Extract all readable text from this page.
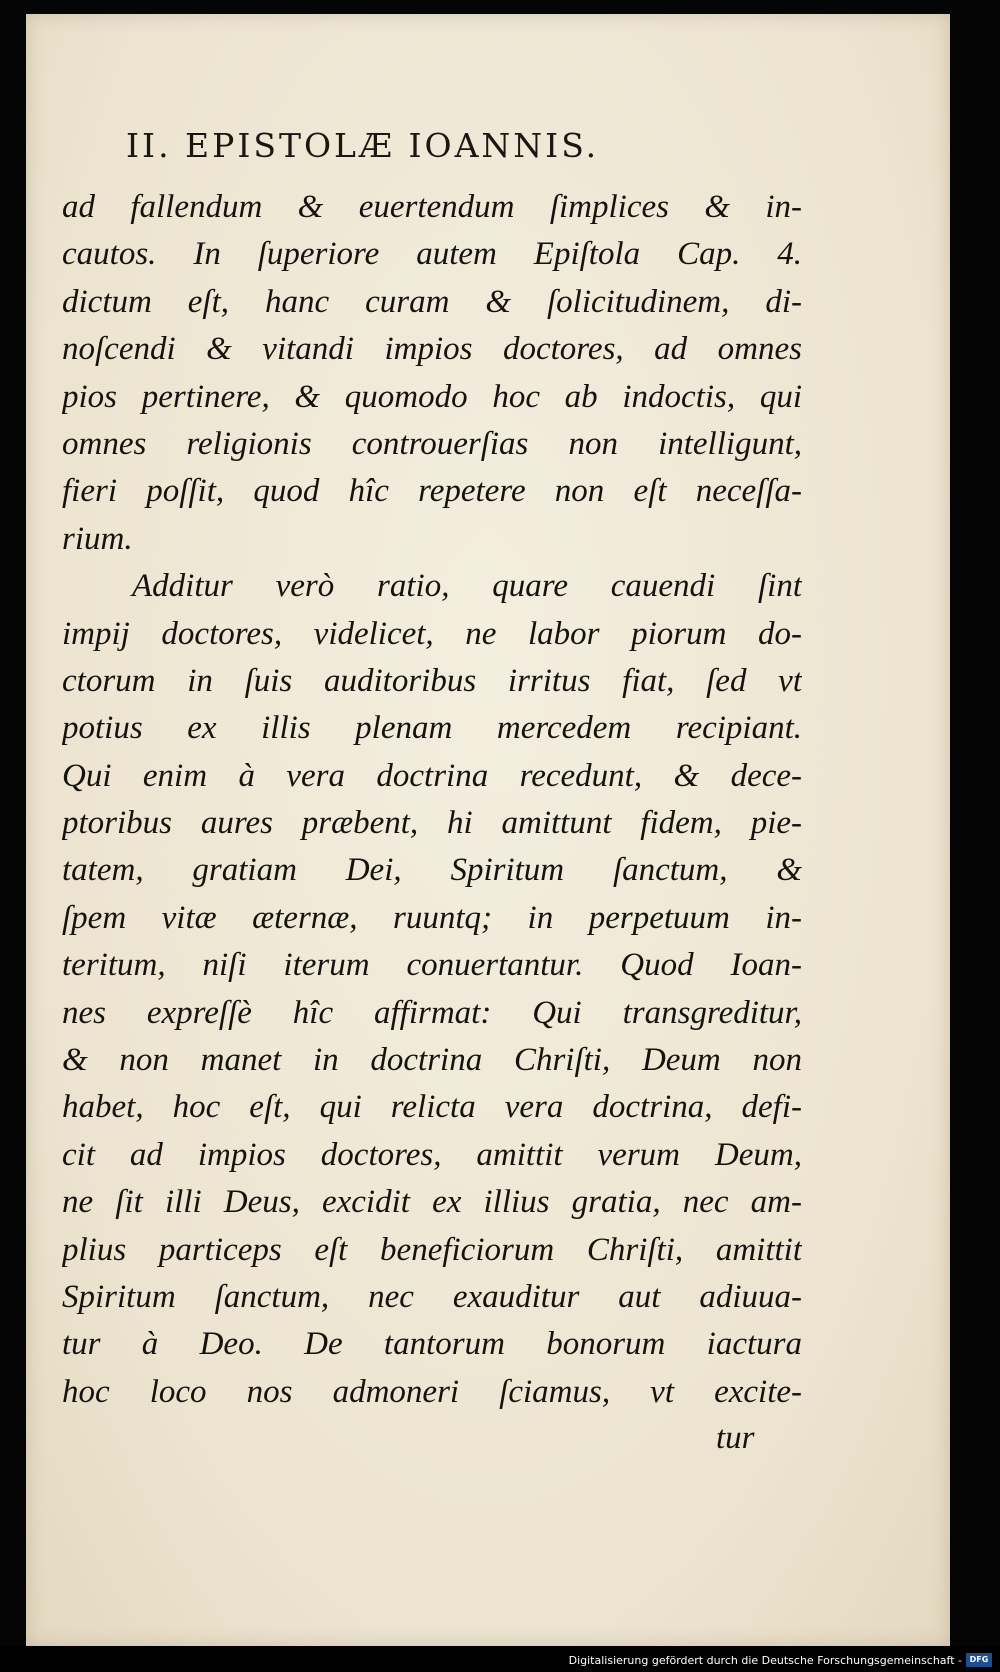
II. EPISTOLÆ IOANNIS.
ad fallendum & euertendum ſimplices & in-
cautos. In ſuperiore autem Epiſtola Cap. 4.
dictum eſt, hanc curam & ſolicitudinem, di-
noſcendi & vitandi impios doctores, ad omnes
pios pertinere, & quomodo hoc ab indoctis, qui
omnes religionis controuerſias non intelligunt,
fieri poſſit, quod hîc repetere non eſt neceſſa-
rium.
Additur verò ratio, quare cauendi ſint
impij doctores, videlicet, ne labor piorum do-
ctorum in ſuis auditoribus irritus fiat, ſed vt
potius ex illis plenam mercedem recipiant.
Qui enim à vera doctrina recedunt, & dece-
ptoribus aures præbent, hi amittunt fidem, pie-
tatem, gratiam Dei, Spiritum ſanctum, &
ſpem vitæ æternæ, ruuntq; in perpetuum in-
teritum, niſi iterum conuertantur. Quod Ioan-
nes expreſſè hîc affirmat: Qui transgreditur,
& non manet in doctrina Chriſti, Deum non
habet, hoc eſt, qui relicta vera doctrina, defi-
cit ad impios doctores, amittit verum Deum,
ne ſit illi Deus, excidit ex illius gratia, nec am-
plius particeps eſt beneficiorum Chriſti, amittit
Spiritum ſanctum, nec exauditur aut adiuua-
tur à Deo. De tantorum bonorum iactura
hoc loco nos admoneri ſciamus, vt excite-
tur
Digitalisierung gefördert durch die Deutsche Forschungsgemeinschaft - DFG
